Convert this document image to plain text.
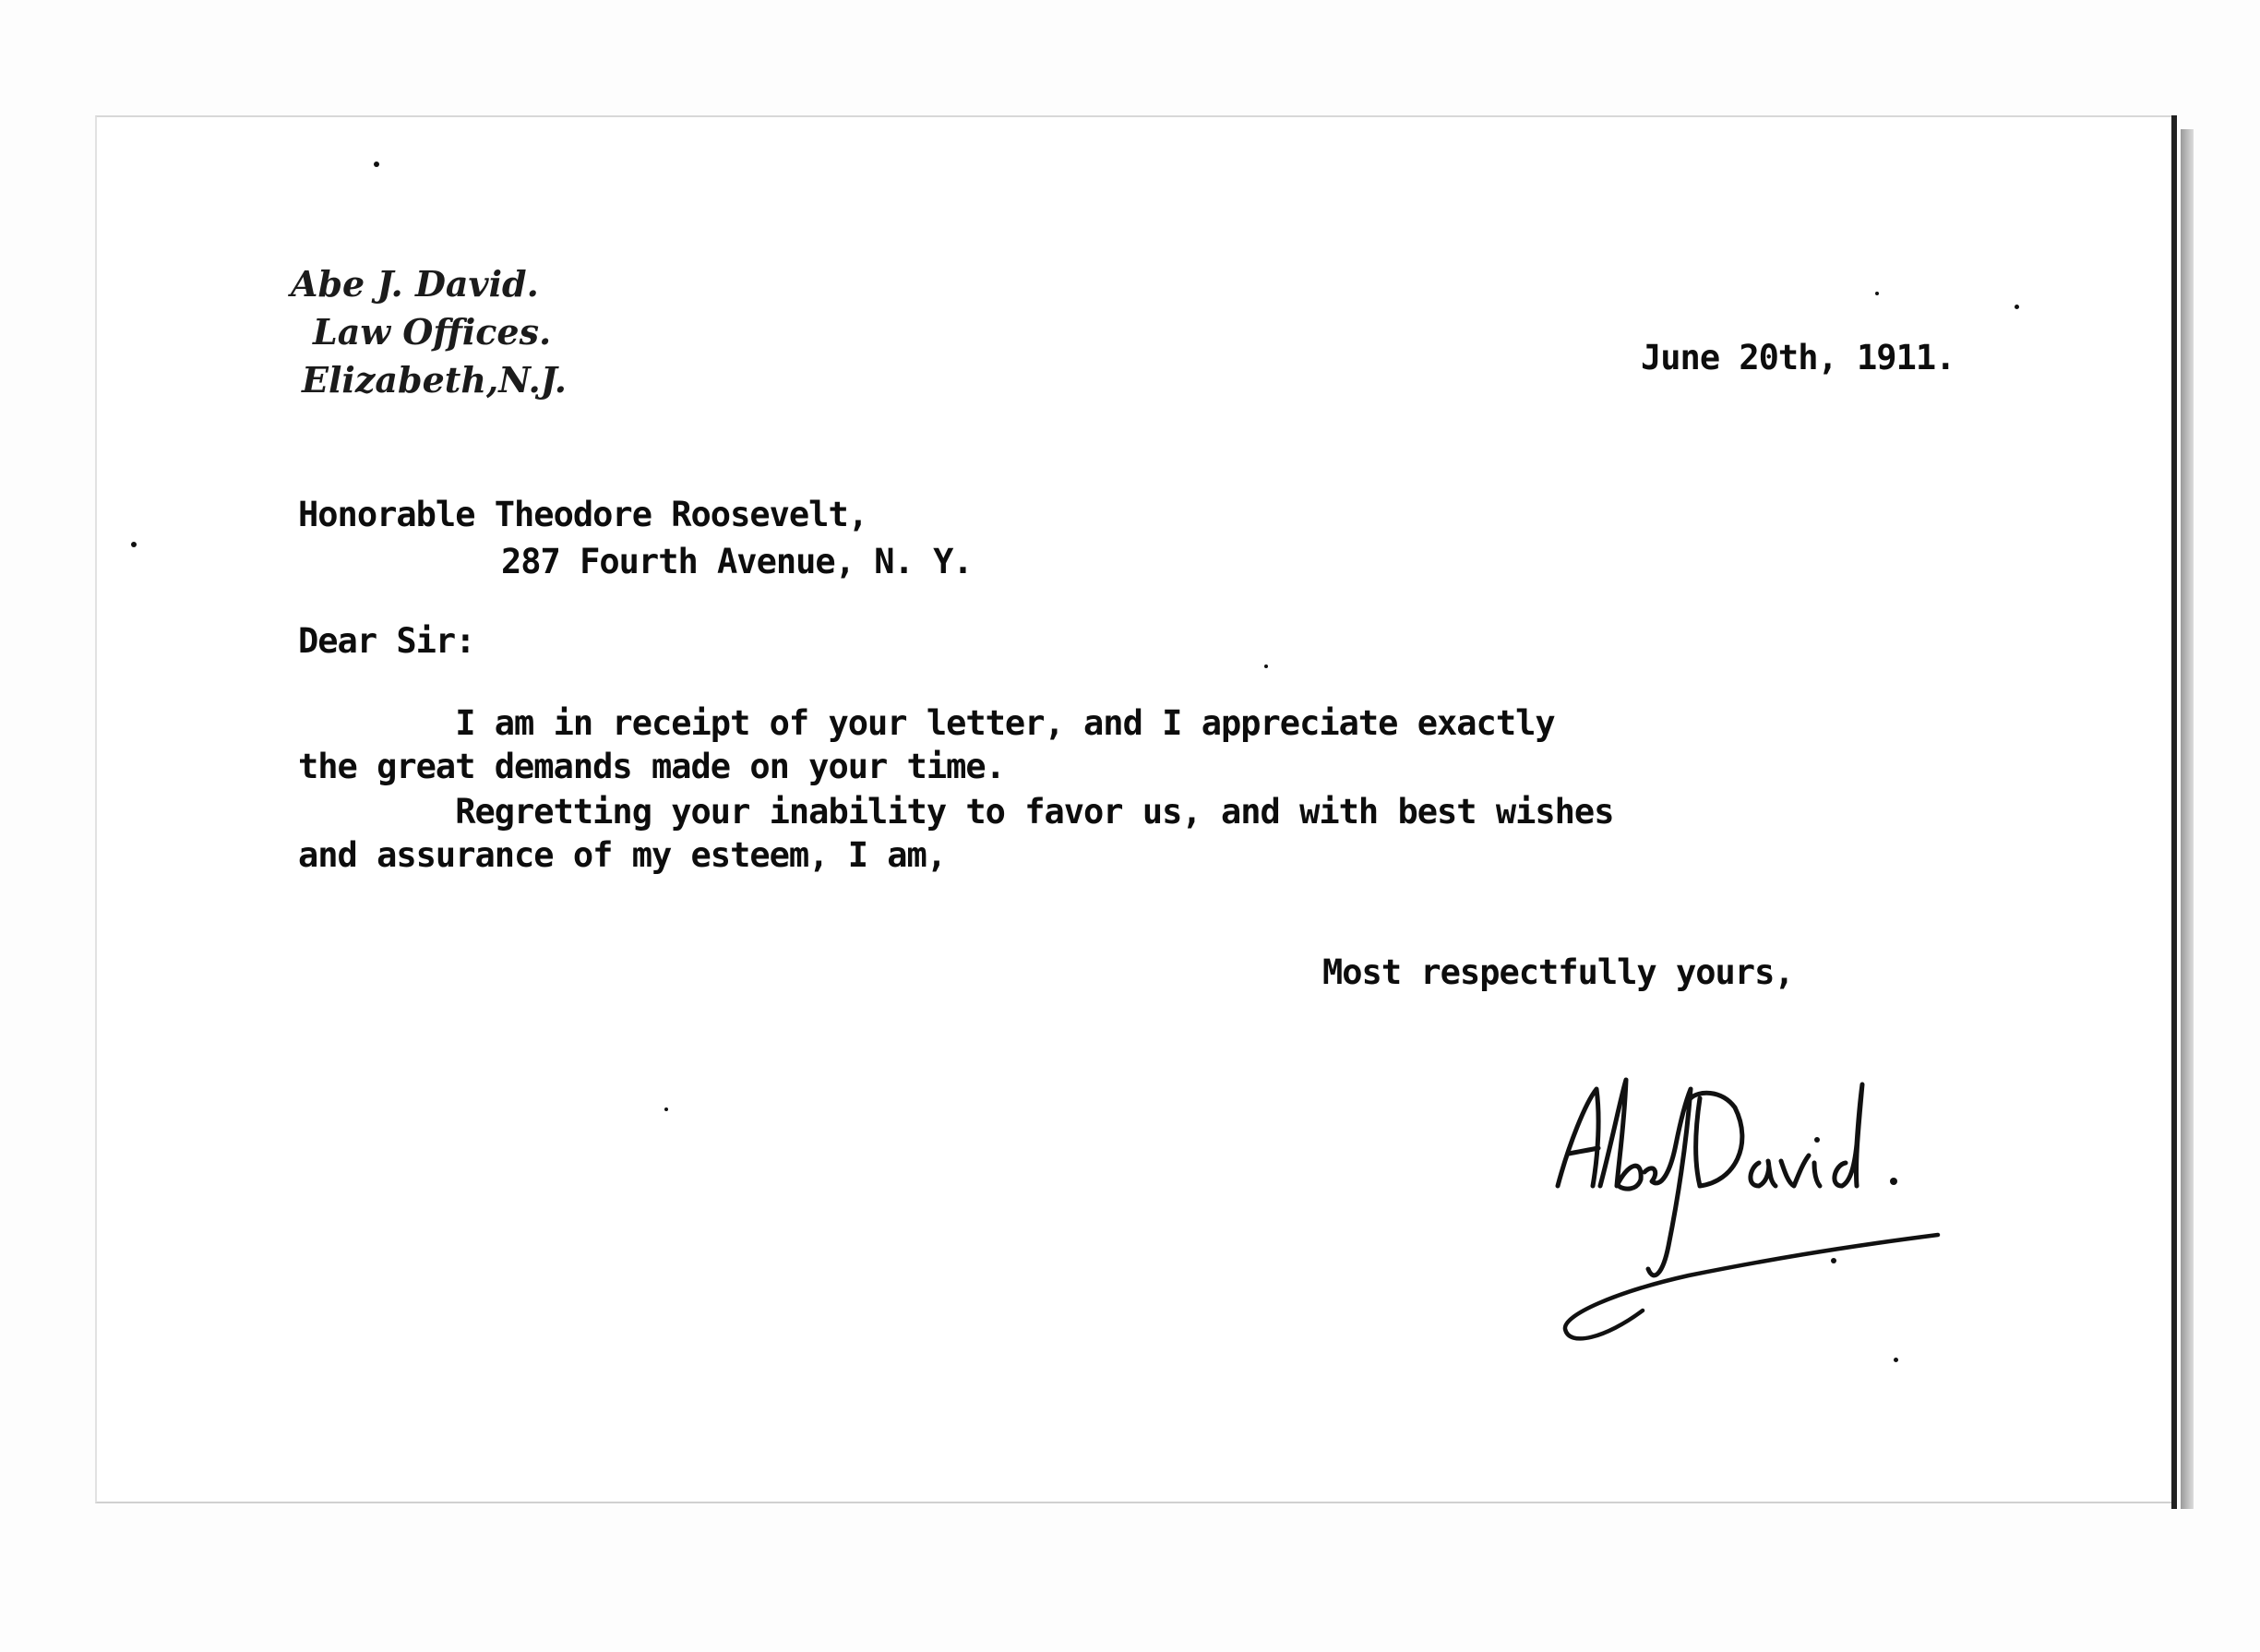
Abe J. David.
Law Offices.
Elizabeth,N.J.
June 20th, 1911.
Honorable Theodore Roosevelt,
287 Fourth Avenue, N. Y.
Dear Sir:
I am in receipt of your letter, and I appreciate exactly
the great demands made on your time.
Regretting your inability to favor us, and with best wishes
and assurance of my esteem, I am,
Most respectfully yours,
